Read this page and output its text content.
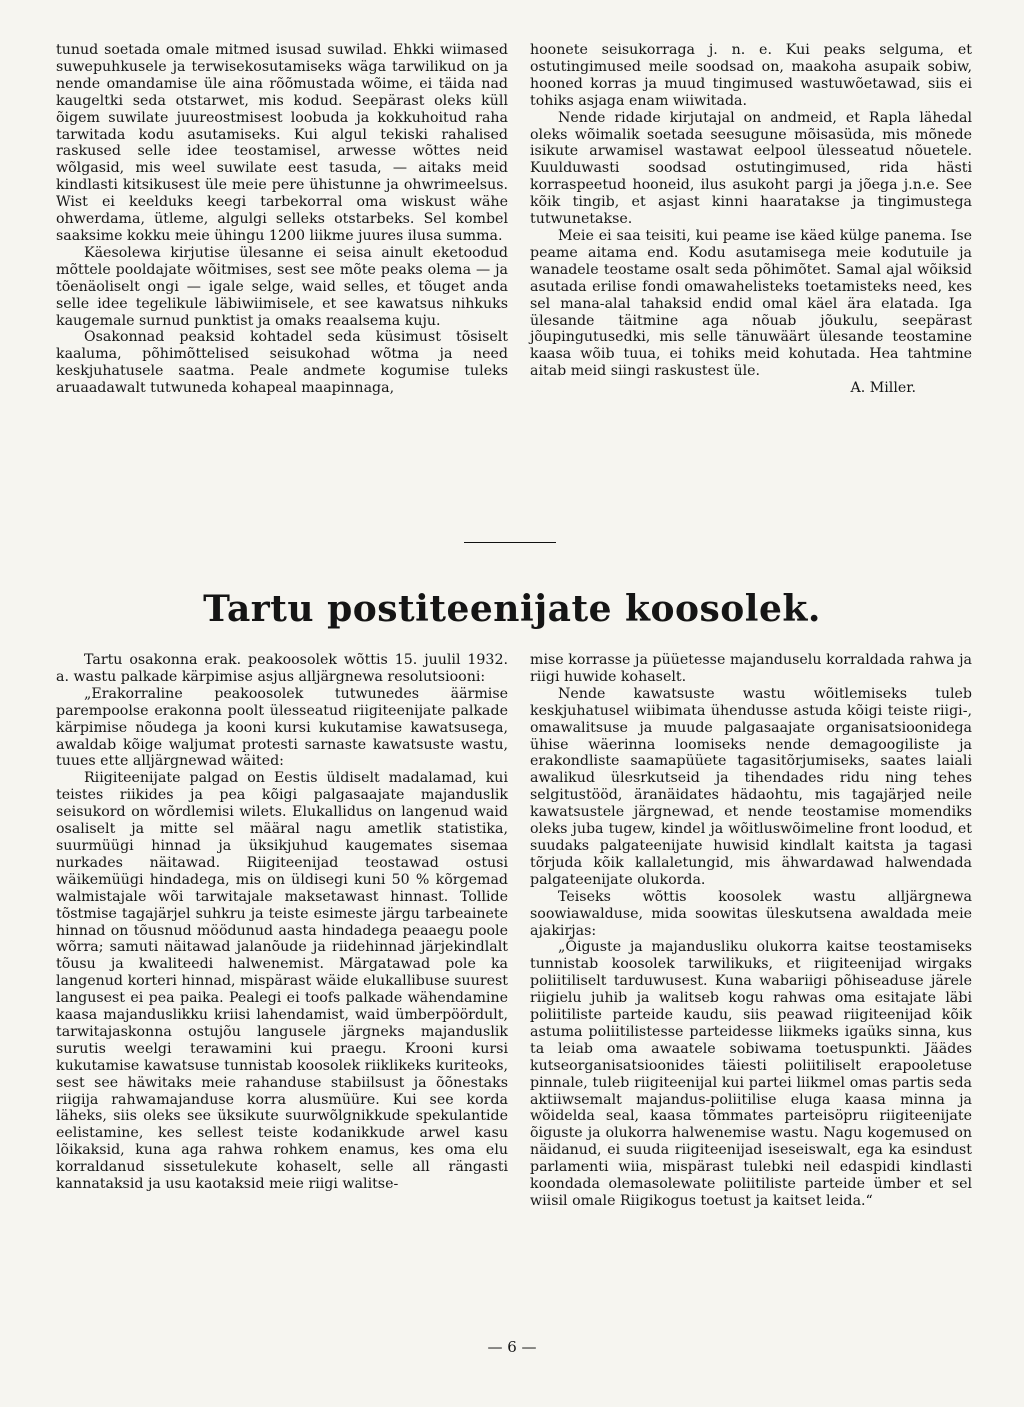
tunud soetada omale mitmed isusad suwilad. Ehkki wiimased suwepuhkusele ja terwisekosutamiseks wäga tarwilikud on ja nende omandamise üle aina rõõmustada wõime, ei täida nad kaugeltki seda otstarwet, mis kodud. Seepärast oleks küll õigem suwilate juureostmisest loobuda ja kokkuhoitud raha tarwitada kodu asutamiseks. Kui algul tekiski rahalised raskused selle idee teostamisel, arwesse wõttes neid wõlgasid, mis weel suwilate eest tasuda, — aitaks meid kindlasti kitsikusest üle meie pere ühistunne ja ohwrimeelsus. Wist ei keelduks keegi tarbekorral oma wiskust wähe ohwerdama, ütleme, algulgi selleks otstarbeks. Sel kombel saaksime kokku meie ühingu 1200 liikme juures ilusa summa.

Käesolewa kirjutise ülesanne ei seisa ainult eketoodud mõttele pooldajate wõitmises, sest see mõte peaks olema — ja tõenäoliselt ongi — igale selge, waid selles, et tõuget anda selle idee tegelikule läbiwiimisele, et see kawatsus nihkuks kaugemale surnud punktist ja omaks reaalsema kuju.

Osakonnad peaksid kohtadel seda küsimust tõsiselt kaaluma, põhimõttelised seisukohad wõtma ja need keskjuhatusele saatma. Peale andmete kogumise tuleks aruaadawalt tutwuneda kohapeal maapinnaga,

hoonete seisukorraga j. n. e. Kui peaks selguma, et ostutingimused meile soodsad on, maakoha asupaik sobiw, hooned korras ja muud tingimused wastuwõetawad, siis ei tohiks asjaga enam wiiwitada.

Nende ridade kirjutajal on andmeid, et Rapla lähedal oleks wõimalik soetada seesugune mõisasüda, mis mõnede isikute arwamisel wastawat eelpool ülesseatud nõuetele. Kuulduwasti soodsad ostutingimused, rida hästi korraspeetud hooneid, ilus asukoht pargi ja jõega j.n.e. See kõik tingib, et asjast kinni haaratakse ja tingimustega tutwunetakse.

Meie ei saa teisiti, kui peame ise käed külge panema. Ise peame aitama end. Kodu asutamisega meie kodutuile ja wanadele teostame osalt seda põhimõtet. Samal ajal wõiksid asutada erilise fondi omawahelisteks toetamisteks need, kes sel mana-alal tahaksid endid omal käel ära elatada. Iga ülesande täitmine aga nõuab jõukulu, seepärast jõupingutusedki, mis selle tänuwäärt ülesande teostamine kaasa wõib tuua, ei tohiks meid kohutada. Hea tahtmine aitab meid siingi raskustest üle.

A. Miller.

Tartu postiteenijate koosolek.

Tartu osakonna erak. peakoosolek wõttis 15. juulil 1932. a. wastu palkade kärpimise asjus alljärgnewa resolutsiooni:

„Erakorraline peakoosolek tutwunedes äärmise parempoolse erakonna poolt ülesseatud riigiteenijate palkade kärpimise nõudega ja kooni kursi kukutamise kawatsusega, awaldab kõige waljumat protesti sarnaste kawatsuste wastu, tuues ette alljärgnewad wäited:

Riigiteenijate palgad on Eestis üldiselt madalamad, kui teistes riikides ja pea kõigi palgasaajate majanduslik seisukord on wõrdlemisi wilets. Elukallidus on langenud waid osaliselt ja mitte sel määral nagu ametlik statistika, suurmüügi hinnad ja üksikjuhud kaugemates sisemaa nurkades näitawad. Riigiteenijad teostawad ostusi wäikemüügi hindadega, mis on üldisegi kuni 50 % kõrgemad walmistajale wõi tarwitajale maksetawast hinnast. Tollide tõstmise tagajärjel suhkru ja teiste esimeste järgu tarbeainete hinnad on tõusnud möödunud aasta hindadega peaaegu poole wõrra; samuti näitawad jalanõude ja riidehinnad järjekindlalt tõusu ja kwaliteedi halwenemist. Märgatawad pole ka langenud korteri hinnad, mispärast wäide elukallibuse suurest langusest ei pea paika. Pealegi ei toofs palkade wähendamine kaasa majanduslikku kriisi lahendamist, waid ümberpöördult, tarwitajaskonna ostujõu langusele järgneks majanduslik surutis weelgi terawamini kui praegu. Krooni kursi kukutamise kawatsuse tunnistab koosolek riiklikeks kuriteoks, sest see häwitaks meie rahanduse stabiilsust ja õõnestaks riigija rahwamajanduse korra alusmüüre. Kui see korda läheks, siis oleks see üksikute suurwõlgnikkude spekulantide eelistamine, kes sellest teiste kodanikkude arwel kasu lõikaksid, kuna aga rahwa rohkem enamus, kes oma elu korraldanud sissetulekute kohaselt, selle all rängasti kannataksid ja usu kaotaksid meie riigi walitse-

mise korrasse ja püüetesse majanduselu korraldada rahwa ja riigi huwide kohaselt.

Nende kawatsuste wastu wõitlemiseks tuleb keskjuhatusel wiibimata ühendusse astuda kõigi teiste riigi-, omawalitsuse ja muude palgasaajate organisatsioonidega ühise wäerinna loomiseks nende demagoogiliste ja erakondliste saamapüüete tagasitõrjumiseks, saates laiali awalikud ülesrkutseid ja tihendades ridu ning tehes selgitustööd, äranäidates hädaohtu, mis tagajärjed neile kawatsustele järgnewad, et nende teostamise momendiks oleks juba tugew, kindel ja wõitluswõimeline front loodud, et suudaks palgateenijate huwisid kindlalt kaitsta ja tagasi tõrjuda kõik kallaletungid, mis ähwardawad halwendada palgateenijate olukorda.

Teiseks wõttis koosolek wastu alljärgnewa soowiawalduse, mida soowitas üleskutsena awaldada meie ajakirjas:

„Õiguste ja majandusliku olukorra kaitse teostamiseks tunnistab koosolek tarwilikuks, et riigiteenijad wirgaks poliitiliselt tarduwusest. Kuna wabariigi põhiseaduse järele riigielu juhib ja walitseb kogu rahwas oma esitajate läbi poliitiliste parteide kaudu, siis peawad riigiteenijad kõik astuma poliitilistesse parteidesse liikmeks igaüks sinna, kus ta leiab oma awaatele sobiwama toetuspunkti. Jäädes kutseorganisatsioonides täiesti poliitiliselt erapooletuse pinnale, tuleb riigiteenijal kui partei liikmel omas partis seda aktiiwsemalt majandus-poliitilise eluga kaasa minna ja wõidelda seal, kaasa tõmmates parteisöpru riigiteenijate õiguste ja olukorra halwenemise wastu. Nagu kogemused on näidanud, ei suuda riigiteenijad iseseiswalt, ega ka esindust parlamenti wiia, mispärast tulebki neil edaspidi kindlasti koondada olemasolewate poliitiliste parteide ümber et sel wiisil omale Riigikogus toetust ja kaitset leida.“

— 6 —
